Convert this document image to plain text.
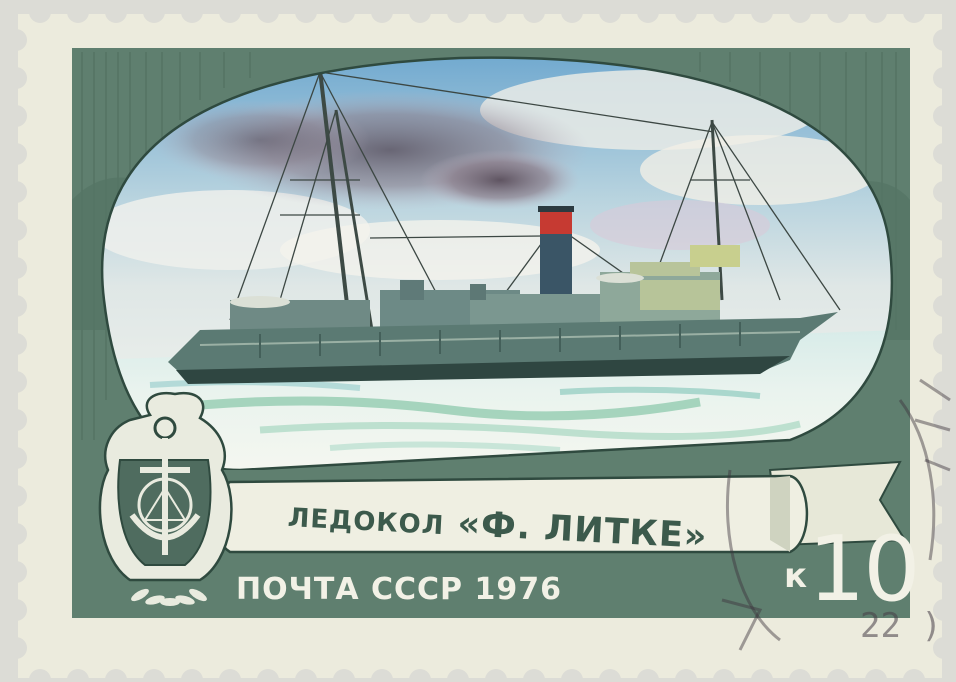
ЛЕДОКОЛ «Ф. ЛИТКЕ»
ПОЧТА СССР 1976	к 10
22 )
